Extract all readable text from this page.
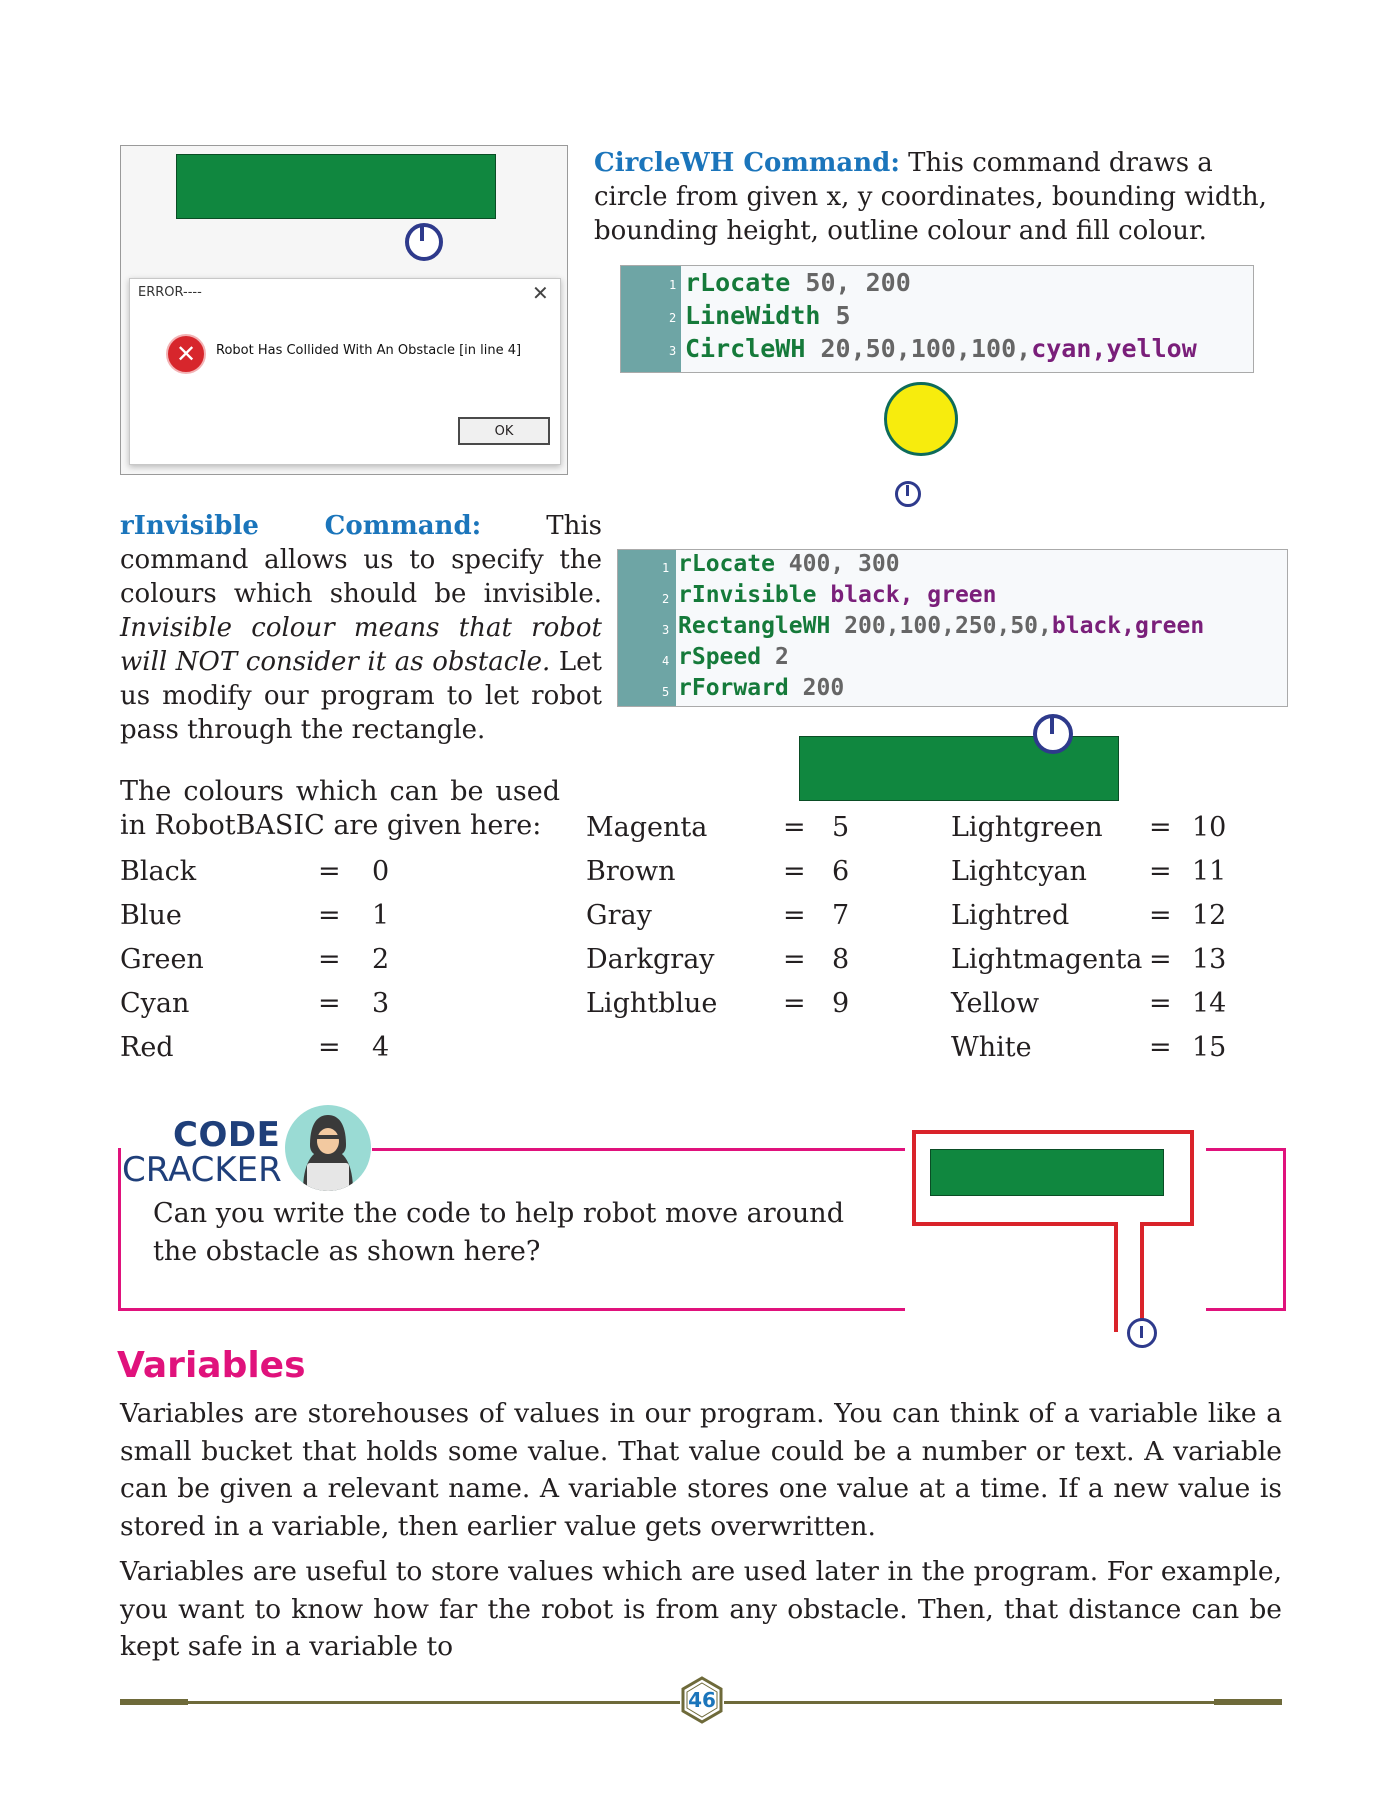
ERROR----	✕
✕	Robot Has Collided With An Obstacle [in line 4]
OK
CircleWH Command: This command draws a circle from given x, y coordinates, bounding width, bounding height, outline colour and fill colour.
1 rLocate 50, 200
2 LineWidth 5
3 CircleWH 20,50,100,100,cyan,yellow
rInvisible Command: This command allows us to specify the colours which should be invisible. Invisible colour means that robot will NOT consider it as obstacle. Let us modify our program to let robot pass through the rectangle.
1 rLocate 400, 300
2 rInvisible black, green
3 RectangleWH 200,100,250,50,black,green
4 rSpeed 2
5 rForward 200
The colours which can be used in RobotBASIC are given here:
Black	= 0
Blue	= 1
Green	= 2
Cyan	= 3
Red	= 4
Magenta	= 5
Brown	= 6
Gray	= 7
Darkgray	= 8
Lightblue = 9
Lightgreen = 10
Lightcyan = 11
Lightred	= 12
Lightmagenta = 13
Yellow	= 14
White	= 15
CODE
CRACKER
Can you write the code to help robot move around the obstacle as shown here?
Variables
Variables are storehouses of values in our program. You can think of a variable like a small bucket that holds some value. That value could be a number or text. A variable can be given a relevant name. A variable stores one value at a time. If a new value is stored in a variable, then earlier value gets overwritten.
Variables are useful to store values which are used later in the program. For example, you want to know how far the robot is from any obstacle. Then, that distance can be kept safe in a variable to
46
